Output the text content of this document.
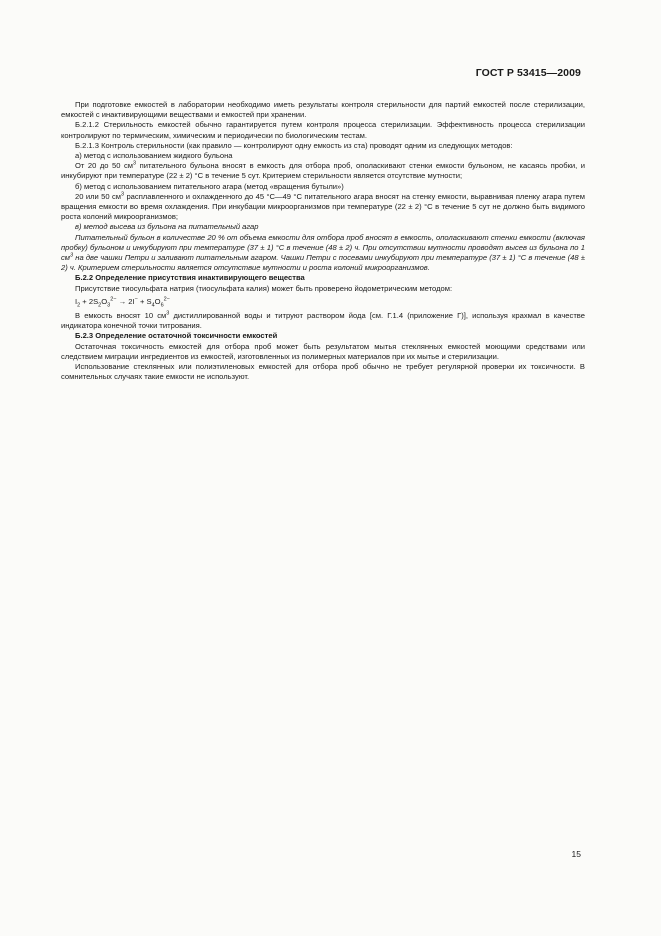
ГОСТ Р 53415—2009

При подготовке емкостей в лаборатории необходимо иметь результаты контроля стерильности для партий емкостей после стерилизации, емкостей с инактивирующими веществами и емкостей при хранении.

Б.2.1.2 Стерильность емкостей обычно гарантируется путем контроля процесса стерилизации. Эффективность процесса стерилизации контролируют по термическим, химическим и периодически по биологическим тестам.

Б.2.1.3 Контроль стерильности (как правило — контролируют одну емкость из ста) проводят одним из следующих методов:

а) метод с использованием жидкого бульона

От 20 до 50 $см^3$ питательного бульона вносят в емкость для отбора проб, ополаскивают стенки емкости бульоном, не касаясь пробки, и инкубируют при температуре (22 ± 2) °С в течение 5 сут. Критерием стерильности является отсутствие мутности;

б) метод с использованием питательного агара (метод «вращения бутыли»)

20 или 50 $см^3$ расплавленного и охлажденного до 45 °С—49 °С питательного агара вносят на стенку емкости, выравнивая пленку агара путем вращения емкости во время охлаждения. При инкубации микроорганизмов при температуре (22 ± 2) °С в течение 5 сут не должно быть видимого роста колоний микроорганизмов;

в) метод высева из бульона на питательный агар

Питательный бульон в количестве 20 % от объема емкости для отбора проб вносят в емкость, ополаскивают стенки емкости (включая пробку) бульоном и инкубируют при температуре (37 ± 1) °С в течение (48 ± 2) ч. При отсутствии мутности проводят высев из бульона по 1 $см^3$ на две чашки Петри и заливают питательным агаром. Чашки Петри с посевами инкубируют при температуре (37 ± 1) °С в течение (48 ± 2) ч. Критерием стерильности является отсутствие мутности и роста колоний микроорганизмов.

Б.2.2 Определение присутствия инактивирующего вещества

Присутствие тиосульфата натрия (тиосульфата калия) может быть проверено йодометрическим методом:

$I_2 + 2S_2O_3^{2-} \to 2I^- + S_4O_6^{2-}$

В емкость вносят 10 $см^3$ дистиллированной воды и титруют раствором йода [см. Г.1.4 (приложение Г)], используя крахмал в качестве индикатора конечной точки титрования.

Б.2.3 Определение остаточной токсичности емкостей

Остаточная токсичность емкостей для отбора проб может быть результатом мытья стеклянных емкостей моющими средствами или следствием миграции ингредиентов из емкостей, изготовленных из полимерных материалов при их мытье и стерилизации.

Использование стеклянных или полиэтиленовых емкостей для отбора проб обычно не требует регулярной проверки их токсичности. В сомнительных случаях такие емкости не используют.

15
